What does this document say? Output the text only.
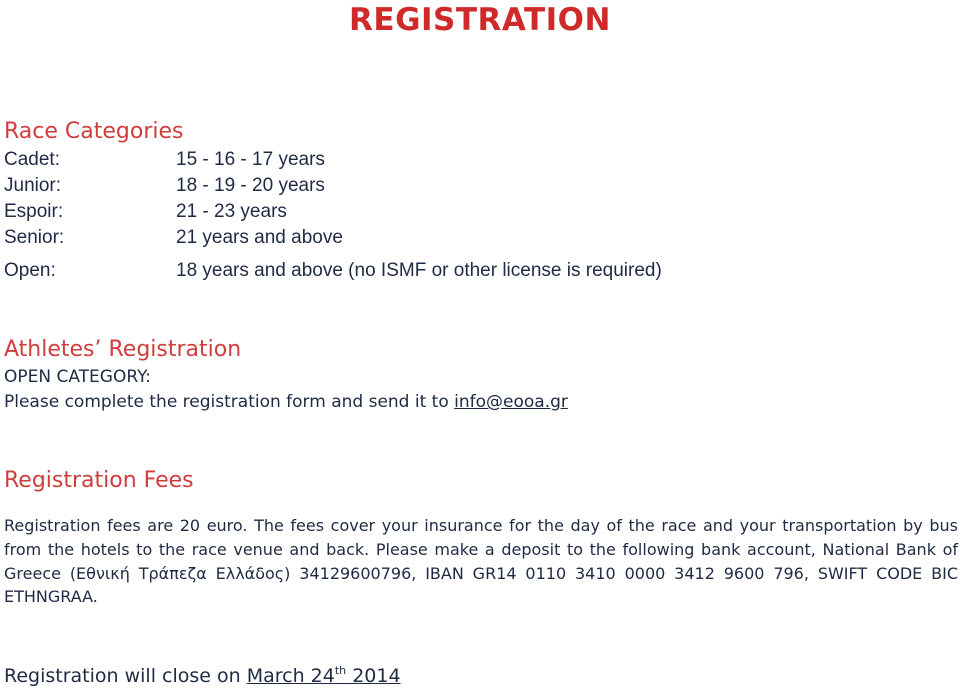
REGISTRATION
Race Categories
Cadet:	15 - 16 - 17 years
Junior:	18 - 19 - 20 years
Espoir:	21 - 23 years
Senior:	21 years and above
Open:	18 years and above (no ISMF or other license is required)
Athletes’ Registration
OPEN CATEGORY:
Please complete the registration form and send it to info@eooa.gr
Registration Fees

Registration fees are 20 euro. The fees cover your insurance for the day of the race and your transportation by bus from the hotels to the race venue and back. Please make a deposit to the following bank account, National Bank of Greece (Εθνική Τράπεζα Ελλάδος) 34129600796, IBAN GR14 0110 3410 0000 3412 9600 796, SWIFT CODE BIC ETHNGRAA.

Registration will close on March 24th 2014
